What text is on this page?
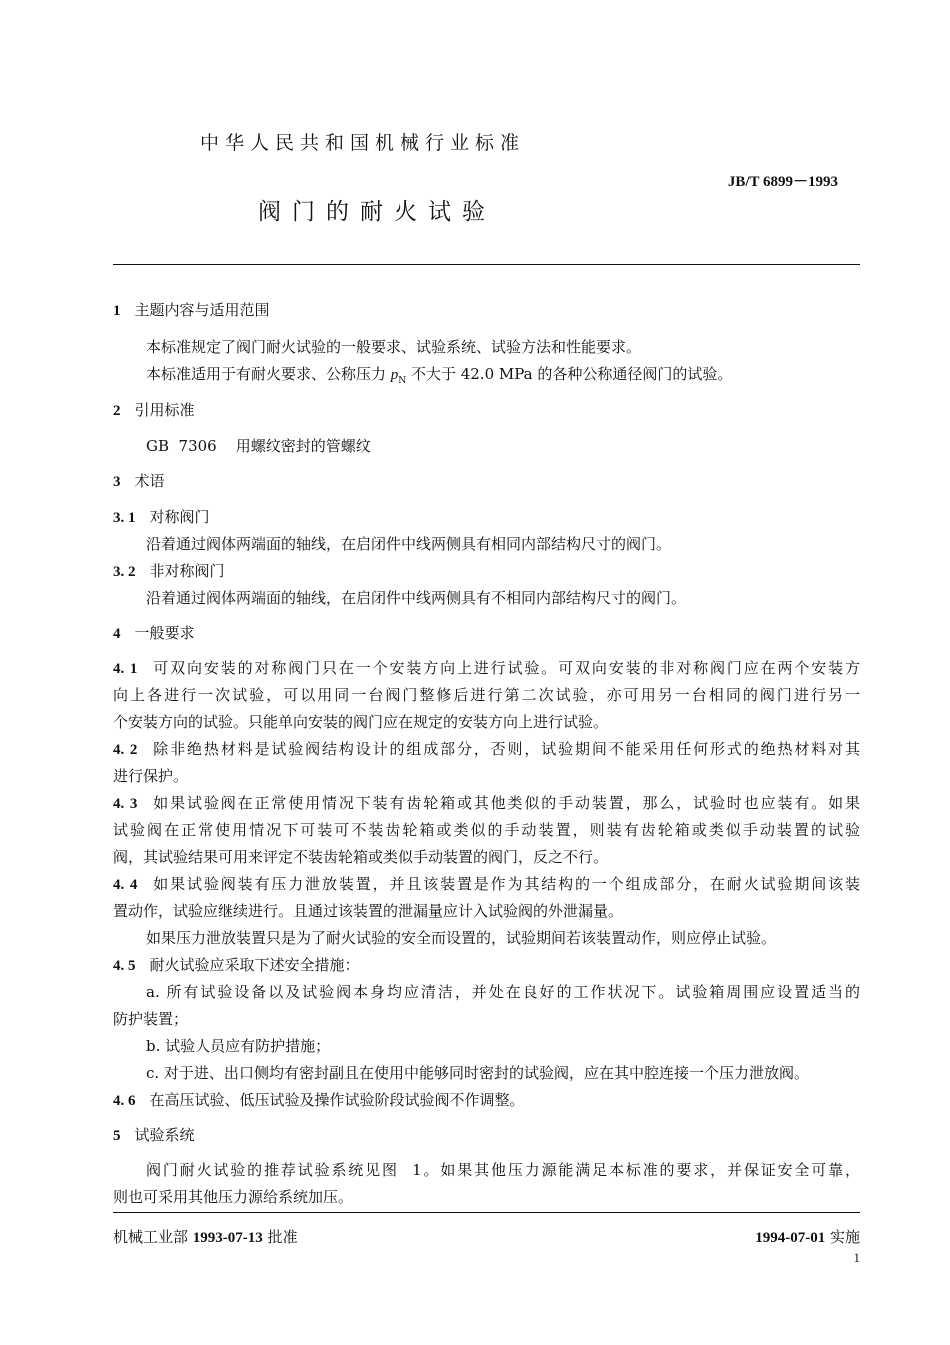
中华人民共和国机械行业标准
JB/T 6899－1993
阀门的耐火试验
1 主题内容与适用范围
本标准规定了阀门耐火试验的一般要求、试验系统、试验方法和性能要求。
本标准适用于有耐火要求、公称压力 $p_N$ 不大于 42.0 MPa 的各种公称通径阀门的试验。
2 引用标准
GB  7306    用螺纹密封的管螺纹
3 术语
3. 1 对称阀门
沿着通过阀体两端面的轴线，在启闭件中线两侧具有相同内部结构尺寸的阀门。
3. 2 非对称阀门
沿着通过阀体两端面的轴线，在启闭件中线两侧具有不相同内部结构尺寸的阀门。
4 一般要求
4. 1 可双向安装的对称阀门只在一个安装方向上进行试验。可双向安装的非对称阀门应在两个安装方
向上各进行一次试验，可以用同一台阀门整修后进行第二次试验，亦可用另一台相同的阀门进行另一
个安装方向的试验。只能单向安装的阀门应在规定的安装方向上进行试验。
4. 2 除非绝热材料是试验阀结构设计的组成部分，否则，试验期间不能采用任何形式的绝热材料对其
进行保护。
4. 3 如果试验阀在正常使用情况下装有齿轮箱或其他类似的手动装置，那么，试验时也应装有。如果
试验阀在正常使用情况下可装可不装齿轮箱或类似的手动装置，则装有齿轮箱或类似手动装置的试验
阀，其试验结果可用来评定不装齿轮箱或类似手动装置的阀门，反之不行。
4. 4 如果试验阀装有压力泄放装置，并且该装置是作为其结构的一个组成部分，在耐火试验期间该装
置动作，试验应继续进行。且通过该装置的泄漏量应计入试验阀的外泄漏量。
如果压力泄放装置只是为了耐火试验的安全而设置的，试验期间若该装置动作，则应停止试验。
4. 5 耐火试验应采取下述安全措施：
a. 所有试验设备以及试验阀本身均应清洁，并处在良好的工作状况下。试验箱周围应设置适当的
防护装置；
b. 试验人员应有防护措施；
c. 对于进、出口侧均有密封副且在使用中能够同时密封的试验阀，应在其中腔连接一个压力泄放阀。
4. 6 在高压试验、低压试验及操作试验阶段试验阀不作调整。
5 试验系统
阀门耐火试验的推荐试验系统见图  1。如果其他压力源能满足本标准的要求，并保证安全可靠，
则也可采用其他压力源给系统加压。
机械工业部 1993-07-13 批准	1994-07-01 实施
1
